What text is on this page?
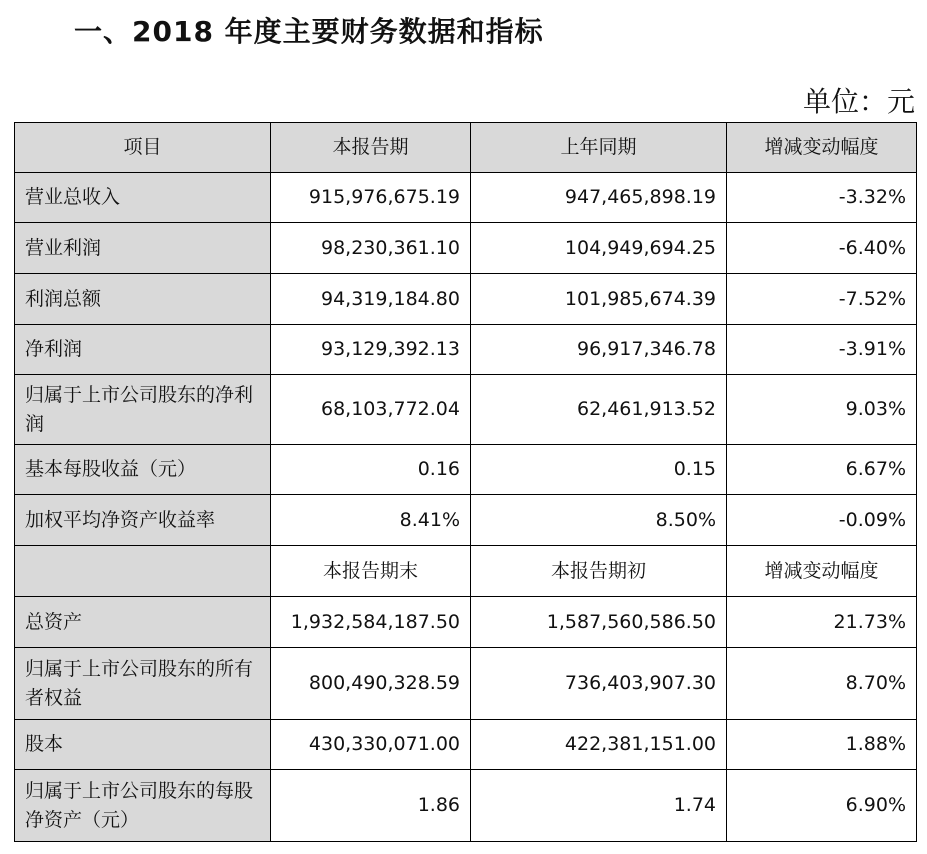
一、2018 年度主要财务数据和指标
单位：元
项目	本报告期	上年同期	增减变动幅度
营业总收入	915,976,675.19	947,465,898.19	-3.32%
营业利润	98,230,361.10	104,949,694.25	-6.40%
利润总额	94,319,184.80	101,985,674.39	-7.52%
净利润	93,129,392.13	96,917,346.78	-3.91%
归属于上市公司股东的净利润	68,103,772.04	62,461,913.52	9.03%
基本每股收益（元）	0.16	0.15	6.67%
加权平均净资产收益率	8.41%	8.50%	-0.09%
	本报告期末	本报告期初	增减变动幅度
总资产	1,932,584,187.50	1,587,560,586.50	21.73%
归属于上市公司股东的所有者权益	800,490,328.59	736,403,907.30	8.70%
股本	430,330,071.00	422,381,151.00	1.88%
归属于上市公司股东的每股净资产（元）	1.86	1.74	6.90%
